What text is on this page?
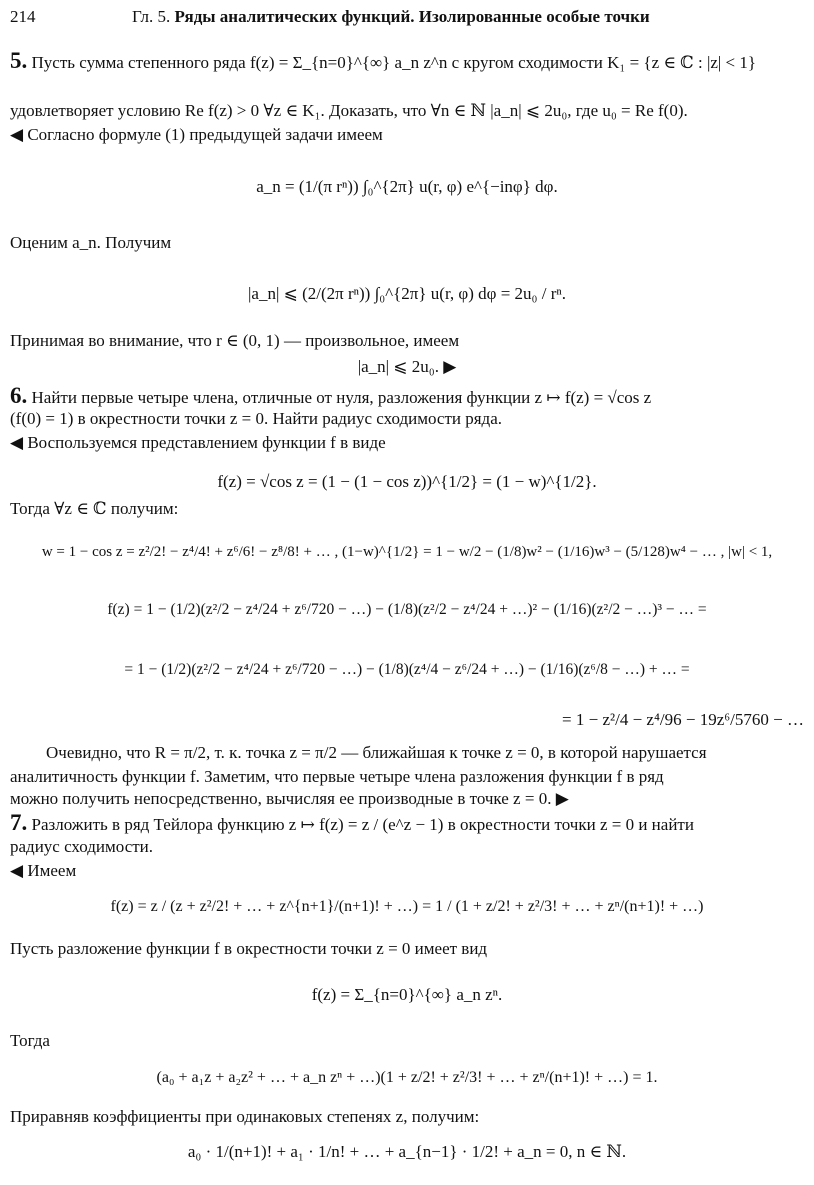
214	Гл. 5. Ряды аналитических функций. Изолированные особые точки
5. Пусть сумма степенного ряда f(z) = Σ_{n=0}^{∞} a_n z^n с кругом сходимости K₁ = {z ∈ ℂ : |z| < 1}
удовлетворяет условию Re f(z) > 0 ∀z ∈ K₁. Доказать, что ∀n ∈ ℕ |a_n| ⩽ 2u₀, где u₀ = Re f(0).
◀ Согласно формуле (1) предыдущей задачи имеем
a_n = (1/(π rⁿ)) ∫₀^{2π} u(r, φ) e^{−inφ} dφ.
Оценим a_n. Получим
|a_n| ⩽ (2/(2π rⁿ)) ∫₀^{2π} u(r, φ) dφ = 2u₀ / rⁿ.
Принимая во внимание, что r ∈ (0, 1) — произвольное, имеем
|a_n| ⩽ 2u₀. ▶
6. Найти первые четыре члена, отличные от нуля, разложения функции z ↦ f(z) = √cos z
(f(0) = 1) в окрестности точки z = 0. Найти радиус сходимости ряда.
◀ Воспользуемся представлением функции f в виде
f(z) = √cos z = (1 − (1 − cos z))^{1/2} = (1 − w)^{1/2}.
Тогда ∀z ∈ ℂ получим:
w = 1 − cos z = z²/2! − z⁴/4! + z⁶/6! − z⁸/8! + … , (1−w)^{1/2} = 1 − w/2 − (1/8)w² − (1/16)w³ − (5/128)w⁴ − … , |w| < 1,
f(z) = 1 − (1/2)(z²/2 − z⁴/24 + z⁶/720 − …) − (1/8)(z²/2 − z⁴/24 + …)² − (1/16)(z²/2 − …)³ − … =
= 1 − (1/2)(z²/2 − z⁴/24 + z⁶/720 − …) − (1/8)(z⁴/4 − z⁶/24 + …) − (1/16)(z⁶/8 − …) + … =
= 1 − z²/4 − z⁴/96 − 19z⁶/5760 − …
Очевидно, что R = π/2, т. к. точка z = π/2 — ближайшая к точке z = 0, в которой нарушается
аналитичность функции f. Заметим, что первые четыре члена разложения функции f в ряд
можно получить непосредственно, вычисляя ее производные в точке z = 0. ▶
7. Разложить в ряд Тейлора функцию z ↦ f(z) = z / (e^z − 1) в окрестности точки z = 0 и найти
радиус сходимости.
◀ Имеем
f(z) = z / (z + z²/2! + … + z^{n+1}/(n+1)! + …) = 1 / (1 + z/2! + z²/3! + … + zⁿ/(n+1)! + …)
Пусть разложение функции f в окрестности точки z = 0 имеет вид
f(z) = Σ_{n=0}^{∞} a_n zⁿ.
Тогда
(a₀ + a₁z + a₂z² + … + a_n zⁿ + …)(1 + z/2! + z²/3! + … + zⁿ/(n+1)! + …) = 1.
Приравняв коэффициенты при одинаковых степенях z, получим:
a₀ · 1/(n+1)! + a₁ · 1/n! + … + a_{n−1} · 1/2! + a_n = 0, n ∈ ℕ.
